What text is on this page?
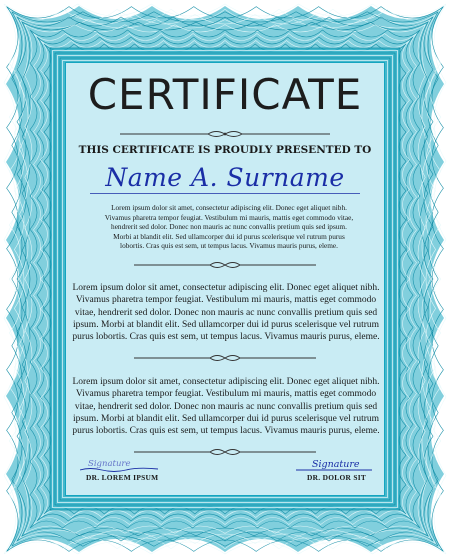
CERTIFICATE
THIS CERTIFICATE IS PROUDLY PRESENTED TO
Name A. Surname
Lorem ipsum dolor sit amet, consectetur adipiscing elit. Donec eget aliquet nibh. Vivamus pharetra tempor feugiat. Vestibulum mi mauris, mattis eget commodo vitae, hendrerit sed dolor. Donec non mauris ac nunc convallis pretium quis sed ipsum. Morbi at blandit elit. Sed ullamcorper dui id purus scelerisque vel rutrum purus lobortis. Cras quis est sem, ut tempus lacus. Vivamus mauris purus, eleme.
Lorem ipsum dolor sit amet, consectetur adipiscing elit. Donec eget aliquet nibh. Vivamus pharetra tempor feugiat. Vestibulum mi mauris, mattis eget commodo vitae, hendrerit sed dolor. Donec non mauris ac nunc convallis pretium quis sed ipsum. Morbi at blandit elit. Sed ullamcorper dui id purus scelerisque vel rutrum purus lobortis. Cras quis est sem, ut tempus lacus. Vivamus mauris purus, eleme.
Lorem ipsum dolor sit amet, consectetur adipiscing elit. Donec eget aliquet nibh. Vivamus pharetra tempor feugiat. Vestibulum mi mauris, mattis eget commodo vitae, hendrerit sed dolor. Donec non mauris ac nunc convallis pretium quis sed ipsum. Morbi at blandit elit. Sed ullamcorper dui id purus scelerisque vel rutrum purus lobortis. Cras quis est sem, ut tempus lacus. Vivamus mauris purus, eleme.
Signature
DR. LOREM IPSUM
Signature
DR. DOLOR SIT
